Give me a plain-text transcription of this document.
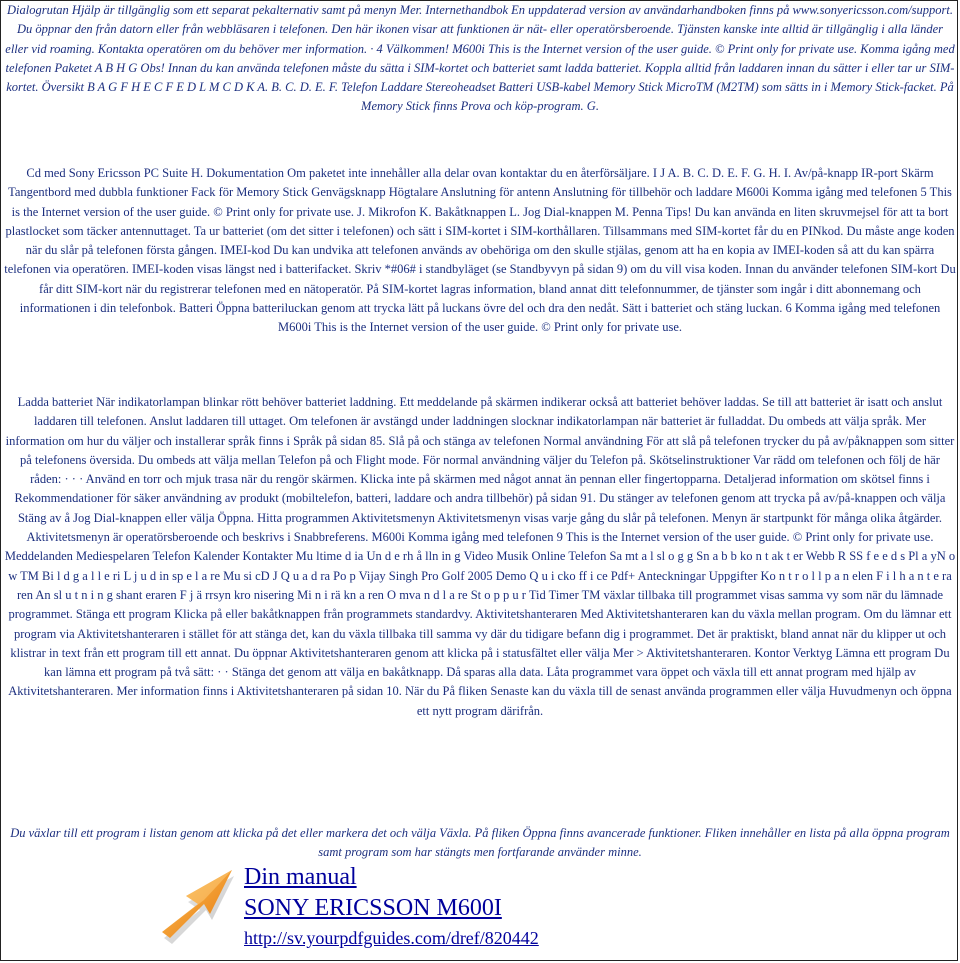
Dialogrutan Hjälp är tillgänglig som ett separat pekalternativ samt på menyn Mer. Internethandbok En uppdaterad version av användarhandboken finns på www.sonyericsson.com/support. Du öppnar den från datorn eller från webbläsaren i telefonen. Den här ikonen visar att funktionen är nät- eller operatörsberoende. Tjänsten kanske inte alltid är tillgänglig i alla länder eller vid roaming. Kontakta operatören om du behöver mer information. · 4 Välkommen! M600i This is the Internet version of the user guide. © Print only for private use. Komma igång med telefonen Paketet A B H G Obs! Innan du kan använda telefonen måste du sätta i SIM-kortet och batteriet samt ladda batteriet. Koppla alltid från laddaren innan du sätter i eller tar ur SIM-kortet. Översikt B A G F H E C F E D L M C D K A. B. C. D. E. F. Telefon Laddare Stereoheadset Batteri USB-kabel Memory Stick MicroTM (M2TM) som sätts in i Memory Stick-facket. På Memory Stick finns Prova och köp-program. G.

Cd med Sony Ericsson PC Suite H. Dokumentation Om paketet inte innehåller alla delar ovan kontaktar du en återförsäljare. I J A. B. C. D. E. F. G. H. I. Av/på-knapp IR-port Skärm Tangentbord med dubbla funktioner Fack för Memory Stick Genvägsknapp Högtalare Anslutning för antenn Anslutning för tillbehör och laddare M600i Komma igång med telefonen 5 This is the Internet version of the user guide. © Print only for private use. J. Mikrofon K. Bakåtknappen L. Jog Dial-knappen M. Penna Tips! Du kan använda en liten skruvmejsel för att ta bort plastlocket som täcker antennuttaget. Ta ur batteriet (om det sitter i telefonen) och sätt i SIM-kortet i SIM-korthållaren. Tillsammans med SIM-kortet får du en PINkod. Du måste ange koden när du slår på telefonen första gången. IMEI-kod Du kan undvika att telefonen används av obehöriga om den skulle stjälas, genom att ha en kopia av IMEI-koden så att du kan spärra telefonen via operatören. IMEI-koden visas längst ned i batterifacket. Skriv *#06# i standbyläget (se Standbyvyn på sidan 9) om du vill visa koden. Innan du använder telefonen SIM-kort Du får ditt SIM-kort när du registrerar telefonen med en nätoperatör. På SIM-kortet lagras information, bland annat ditt telefonnummer, de tjänster som ingår i ditt abonnemang och informationen i din telefonbok. Batteri Öppna batteriluckan genom att trycka lätt på luckans övre del och dra den nedåt. Sätt i batteriet och stäng luckan. 6 Komma igång med telefonen M600i This is the Internet version of the user guide. © Print only for private use.

Ladda batteriet När indikatorlampan blinkar rött behöver batteriet laddning. Ett meddelande på skärmen indikerar också att batteriet behöver laddas. Se till att batteriet är isatt och anslut laddaren till telefonen. Anslut laddaren till uttaget. Om telefonen är avstängd under laddningen slocknar indikatorlampan när batteriet är fulladdat. Du ombeds att välja språk. Mer information om hur du väljer och installerar språk finns i Språk på sidan 85. Slå på och stänga av telefonen Normal användning För att slå på telefonen trycker du på av/påknappen som sitter på telefonens översida. Du ombeds att välja mellan Telefon på och Flight mode. För normal användning väljer du Telefon på. Skötselinstruktioner Var rädd om telefonen och följ de här råden: · · · Använd en torr och mjuk trasa när du rengör skärmen. Klicka inte på skärmen med något annat än pennan eller fingertopparna. Detaljerad information om skötsel finns i Rekommendationer för säker användning av produkt (mobiltelefon, batteri, laddare och andra tillbehör) på sidan 91. Du stänger av telefonen genom att trycka på av/på-knappen och välja Stäng av å Jog Dial-knappen eller välja Öppna. Hitta programmen Aktivitetsmenyn Aktivitetsmenyn visas varje gång du slår på telefonen. Menyn är startpunkt för många olika åtgärder. Aktivitetsmenyn är operatörsberoende och beskrivs i Snabbreferens. M600i Komma igång med telefonen 9 This is the Internet version of the user guide. © Print only for private use. Meddelanden Mediespelaren Telefon Kalender Kontakter Mu ltime d ia Un d e rh å lln in g Video Musik Online Telefon Sa mt a l sl o g g Sn a b b ko n t ak t er Webb R SS f e e d s Pl a yN o w TM Bi l d g a l l e ri L j u d in sp e l a re Mu si cD J Q u a d ra Po p Vijay Singh Pro Golf 2005 Demo Q u i cko ff i ce Pdf+ Anteckningar Uppgifter Ko n t r o l l p a n elen F i l h a n t e ra ren An sl u t n i n g shant eraren F j ä rrsyn kro nisering Mi n i rä kn a ren O mva n d l a re St o p p u r Tid Timer TM växlar tillbaka till programmet visas samma vy som när du lämnade programmet. Stänga ett program Klicka på eller bakåtknappen från programmets standardvy. Aktivitetshanteraren Med Aktivitetshanteraren kan du växla mellan program. Om du lämnar ett program via Aktivitetshanteraren i stället för att stänga det, kan du växla tillbaka till samma vy där du tidigare befann dig i programmet. Det är praktiskt, bland annat när du klipper ut och klistrar in text från ett program till ett annat. Du öppnar Aktivitetshanteraren genom att klicka på i statusfältet eller välja Mer > Aktivitetshanteraren. Kontor Verktyg Lämna ett program Du kan lämna ett program på två sätt: · · Stänga det genom att välja en bakåtknapp. Då sparas alla data. Låta programmet vara öppet och växla till ett annat program med hjälp av Aktivitetshanteraren. Mer information finns i Aktivitetshanteraren på sidan 10. När du På fliken Senaste kan du växla till de senast använda programmen eller välja Huvudmenyn och öppna ett nytt program därifrån.

Du växlar till ett program i listan genom att klicka på det eller markera det och välja Växla. På fliken Öppna finns avancerade funktioner. Fliken innehåller en lista på alla öppna program samt program som har stängts men fortfarande använder minne.

Din manual
SONY ERICSSON M600I
http://sv.yourpdfguides.com/dref/820442
